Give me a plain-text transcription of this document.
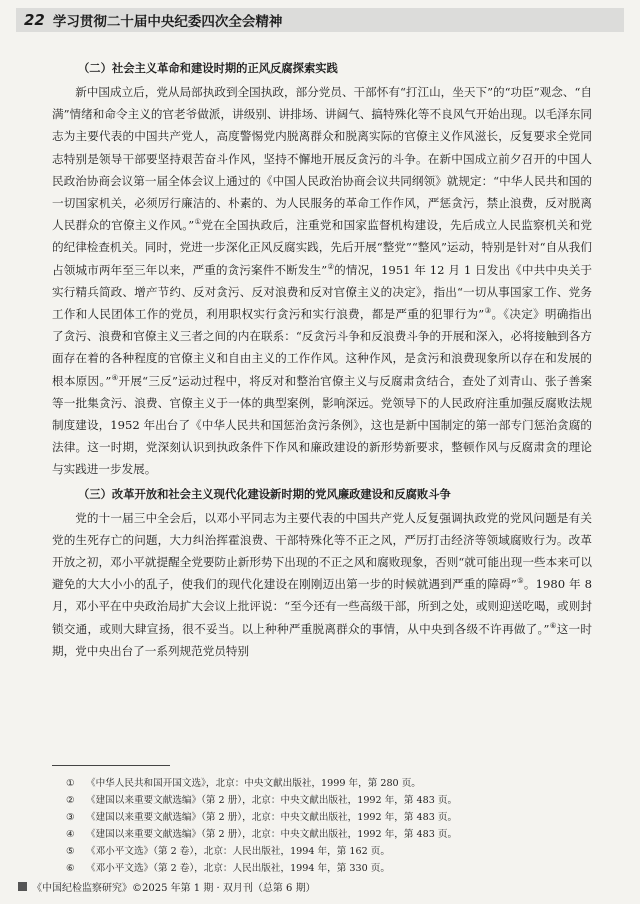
22 学习贯彻二十届中央纪委四次全会精神
（二）社会主义革命和建设时期的正风反腐探索实践

新中国成立后，党从局部执政到全国执政，部分党员、干部怀有“打江山，坐天下”的“功臣”观念、“自满”情绪和命令主义的官老爷做派，讲级别、讲排场、讲阔气、搞特殊化等不良风气开始出现。以毛泽东同志为主要代表的中国共产党人，高度警惕党内脱离群众和脱离实际的官僚主义作风滋长，反复要求全党同志特别是领导干部要坚持艰苦奋斗作风，坚持不懈地开展反贪污的斗争。在新中国成立前夕召开的中国人民政治协商会议第一届全体会议上通过的《中国人民政治协商会议共同纲领》就规定：“中华人民共和国的一切国家机关，必须厉行廉洁的、朴素的、为人民服务的革命工作作风，严惩贪污，禁止浪费，反对脱离人民群众的官僚主义作风。”①党在全国执政后，注重党和国家监督机构建设，先后成立人民监察机关和党的纪律检查机关。同时，党进一步深化正风反腐实践，先后开展“整党”“整风”运动，特别是针对“自从我们占领城市两年至三年以来，严重的贪污案件不断发生”②的情况，1951 年 12 月 1 日发出《中共中央关于实行精兵简政、增产节约、反对贪污、反对浪费和反对官僚主义的决定》，指出“一切从事国家工作、党务工作和人民团体工作的党员，利用职权实行贪污和实行浪费，都是严重的犯罪行为”③。《决定》明确指出了贪污、浪费和官僚主义三者之间的内在联系：“反贪污斗争和反浪费斗争的开展和深入，必将接触到各方面存在着的各种程度的官僚主义和自由主义的工作作风。这种作风，是贪污和浪费现象所以存在和发展的根本原因。”④开展“三反”运动过程中，将反对和整治官僚主义与反腐肃贪结合，查处了刘青山、张子善案等一批集贪污、浪费、官僚主义于一体的典型案例，影响深远。党领导下的人民政府注重加强反腐败法规制度建设，1952 年出台了《中华人民共和国惩治贪污条例》，这也是新中国制定的第一部专门惩治贪腐的法律。这一时期，党深刻认识到执政条件下作风和廉政建设的新形势新要求，整顿作风与反腐肃贪的理论与实践进一步发展。

（三）改革开放和社会主义现代化建设新时期的党风廉政建设和反腐败斗争

党的十一届三中全会后，以邓小平同志为主要代表的中国共产党人反复强调执政党的党风问题是有关党的生死存亡的问题，大力纠治挥霍浪费、干部特殊化等不正之风，严厉打击经济等领域腐败行为。改革开放之初，邓小平就提醒全党要防止新形势下出现的不正之风和腐败现象，否则“就可能出现一些本来可以避免的大大小小的乱子，使我们的现代化建设在刚刚迈出第一步的时候就遇到严重的障碍”⑤。1980 年 8 月，邓小平在中央政治局扩大会议上批评说：“至今还有一些高级干部，所到之处，或则迎送吃喝，或则封锁交通，或则大肆宣扬，很不妥当。以上种种严重脱离群众的事情，从中央到各级不许再做了。”⑥这一时期，党中央出台了一系列规范党员特别

① 《中华人民共和国开国文选》，北京：中央文献出版社，1999 年，第 280 页。
② 《建国以来重要文献选编》（第 2 册），北京：中央文献出版社，1992 年，第 483 页。
③ 《建国以来重要文献选编》（第 2 册），北京：中央文献出版社，1992 年，第 483 页。
④ 《建国以来重要文献选编》（第 2 册），北京：中央文献出版社，1992 年，第 483 页。
⑤ 《邓小平文选》（第 2 卷），北京：人民出版社，1994 年，第 162 页。
⑥ 《邓小平文选》（第 2 卷），北京：人民出版社，1994 年，第 330 页。
《中国纪检监察研究》©2025 年第 1 期 · 双月刊（总第 6 期）
